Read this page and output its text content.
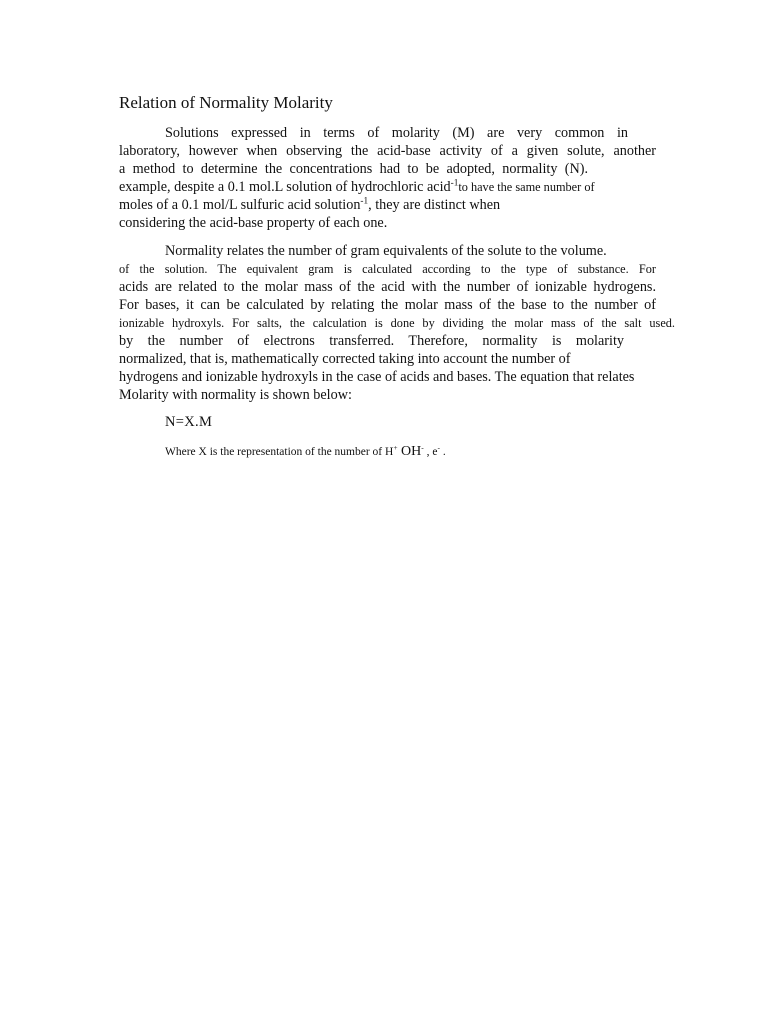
Relation of Normality Molarity
Solutions expressed in terms of molarity (M) are very common in
laboratory, however when observing the acid-base activity of a given solute, another
a method to determine the concentrations had to be adopted, normality (N).
example, despite a 0.1 mol.L solution of hydrochloric acid$^{-1}$to have the same number of
moles of a 0.1 mol/L sulfuric acid solution$^{-1}$, they are distinct when
considering the acid-base property of each one.
Normality relates the number of gram equivalents of the solute to the volume.
of the solution. The equivalent gram is calculated according to the type of substance. For
acids are related to the molar mass of the acid with the number of ionizable hydrogens.
For bases, it can be calculated by relating the molar mass of the base to the number of
ionizable hydroxyls. For salts, the calculation is done by dividing the molar mass of the salt used.
by the number of electrons transferred. Therefore, normality is molarity
normalized, that is, mathematically corrected taking into account the number of
hydrogens and ionizable hydroxyls in the case of acids and bases. The equation that relates
Molarity with normality is shown below:
N=X.M
Where X is the representation of the number of H+ OH- , e- .
